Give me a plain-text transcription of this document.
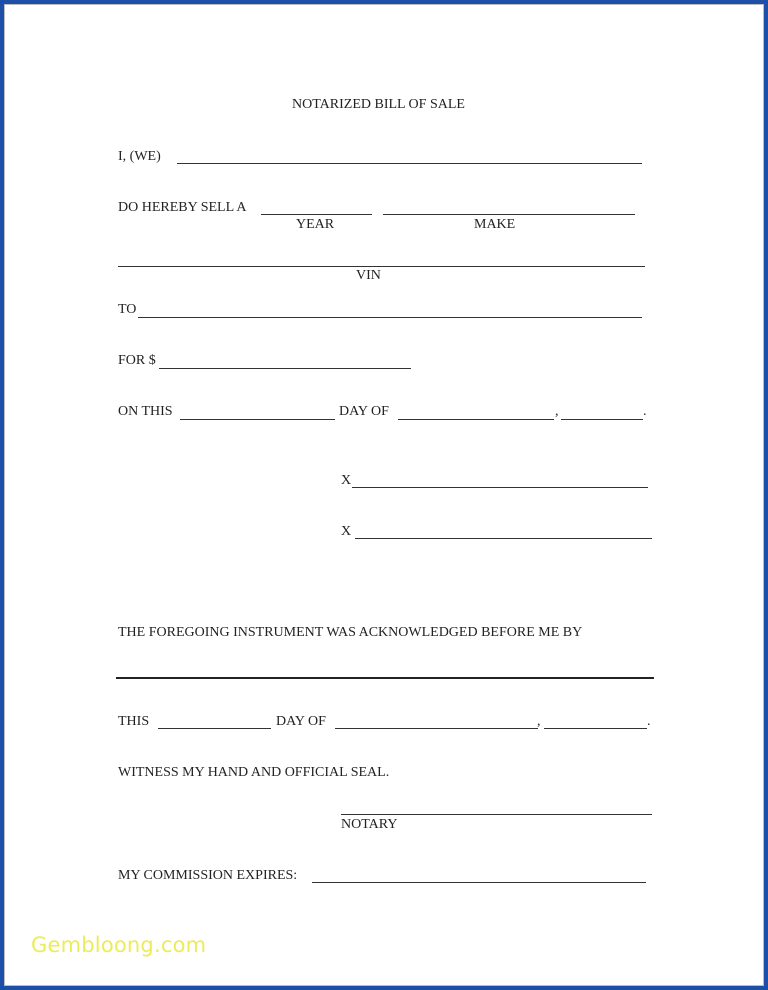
NOTARIZED BILL OF SALE
I, (WE)
DO HEREBY SELL A
YEAR	MAKE
VIN
TO
FOR $
ON THIS	DAY OF	,	.
X
X
THE FOREGOING INSTRUMENT WAS ACKNOWLEDGED BEFORE ME BY
THIS	DAY OF	,	.
WITNESS MY HAND AND OFFICIAL SEAL.
NOTARY
MY COMMISSION EXPIRES:
Gembloong.com
